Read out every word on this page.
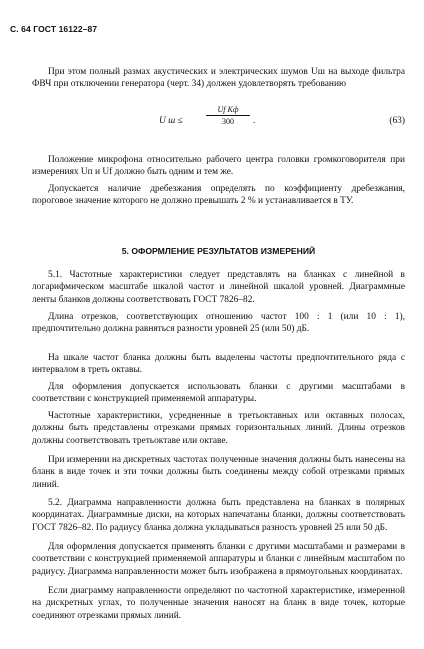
С. 64 ГОСТ 16122–87

При этом полный размах акустических и электрических шумов Uш на выходе фильтра ФВЧ при отключении генератора (черт. 34) должен удовлетворять требованию

U ш ≤
Uf Kф
300	.	(63)

Положение микрофона относительно рабочего центра головки громкоговорителя при измерениях Uп и Uf должно быть одним и тем же.

Допускается наличие дребезжания определять по коэффициенту дребезжания, пороговое значение которого не должно превышать 2 % и устанавливается в ТУ.

5. ОФОРМЛЕНИЕ РЕЗУЛЬТАТОВ ИЗМЕРЕНИЙ

5.1. Частотные характеристики следует представлять на бланках с линейной в логарифмическом масштабе шкалой частот и линейной шкалой уровней. Диаграммные ленты бланков должны соответствовать ГОСТ 7826–82.

Длина отрезков, соответствующих отношению частот 100 : 1 (или 10 : 1), предпочтительно должна равняться разности уровней 25 (или 50) дБ.

На шкале частот бланка должны быть выделены частоты предпочтительного ряда с интервалом в треть октавы.

Для оформления допускается использовать бланки с другими масштабами в соответствии с конструкцией применяемой аппаратуры.

Частотные характеристики, усредненные в третьоктавных или октавных полосах, должны быть представлены отрезками прямых горизонтальных линий. Длины отрезков должны соответствовать третьоктаве или октаве.

При измерении на дискретных частотах полученные значения должны быть нанесены на бланк в виде точек и эти точки должны быть соединены между собой отрезками прямых линий.

5.2. Диаграмма направленности должна быть представлена на бланках в полярных координатах. Диаграммные диски, на которых напечатаны бланки, должны соответствовать ГОСТ 7826–82. По радиусу бланка должна укладываться разность уровней 25 или 50 дБ.

Для оформления допускается применять бланки с другими масштабами и размерами в соответствии с конструкцией применяемой аппаратуры и бланки с линейным масштабом по радиусу. Диаграмма направленности может быть изображена в прямоугольных координатах.

Если диаграмму направленности определяют по частотной характеристике, измеренной на дискретных углах, то полученные значения наносят на бланк в виде точек, которые соединяют отрезками прямых линий.
